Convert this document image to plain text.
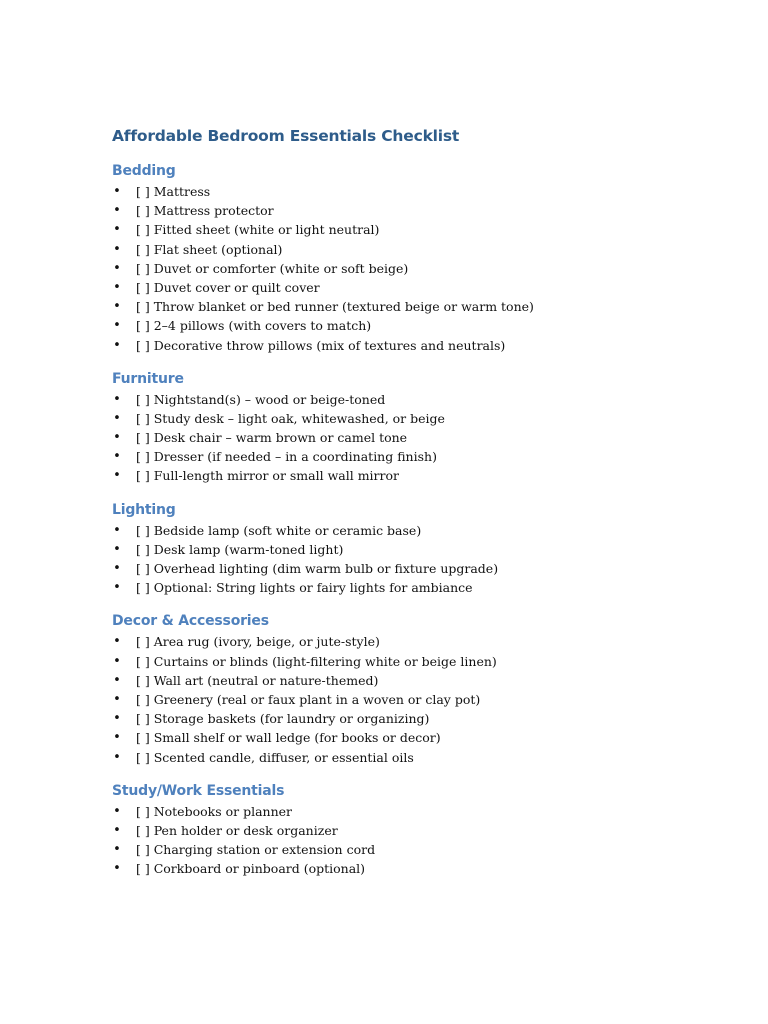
Affordable Bedroom Essentials Checklist
Bedding
• [ ] Mattress
• [ ] Mattress protector
• [ ] Fitted sheet (white or light neutral)
• [ ] Flat sheet (optional)
• [ ] Duvet or comforter (white or soft beige)
• [ ] Duvet cover or quilt cover
• [ ] Throw blanket or bed runner (textured beige or warm tone)
• [ ] 2–4 pillows (with covers to match)
• [ ] Decorative throw pillows (mix of textures and neutrals)
Furniture
• [ ] Nightstand(s) – wood or beige-toned
• [ ] Study desk – light oak, whitewashed, or beige
• [ ] Desk chair – warm brown or camel tone
• [ ] Dresser (if needed – in a coordinating finish)
• [ ] Full-length mirror or small wall mirror
Lighting
• [ ] Bedside lamp (soft white or ceramic base)
• [ ] Desk lamp (warm-toned light)
• [ ] Overhead lighting (dim warm bulb or fixture upgrade)
• [ ] Optional: String lights or fairy lights for ambiance
Decor & Accessories
• [ ] Area rug (ivory, beige, or jute-style)
• [ ] Curtains or blinds (light-filtering white or beige linen)
• [ ] Wall art (neutral or nature-themed)
• [ ] Greenery (real or faux plant in a woven or clay pot)
• [ ] Storage baskets (for laundry or organizing)
• [ ] Small shelf or wall ledge (for books or decor)
• [ ] Scented candle, diffuser, or essential oils
Study/Work Essentials
• [ ] Notebooks or planner
• [ ] Pen holder or desk organizer
• [ ] Charging station or extension cord
• [ ] Corkboard or pinboard (optional)
